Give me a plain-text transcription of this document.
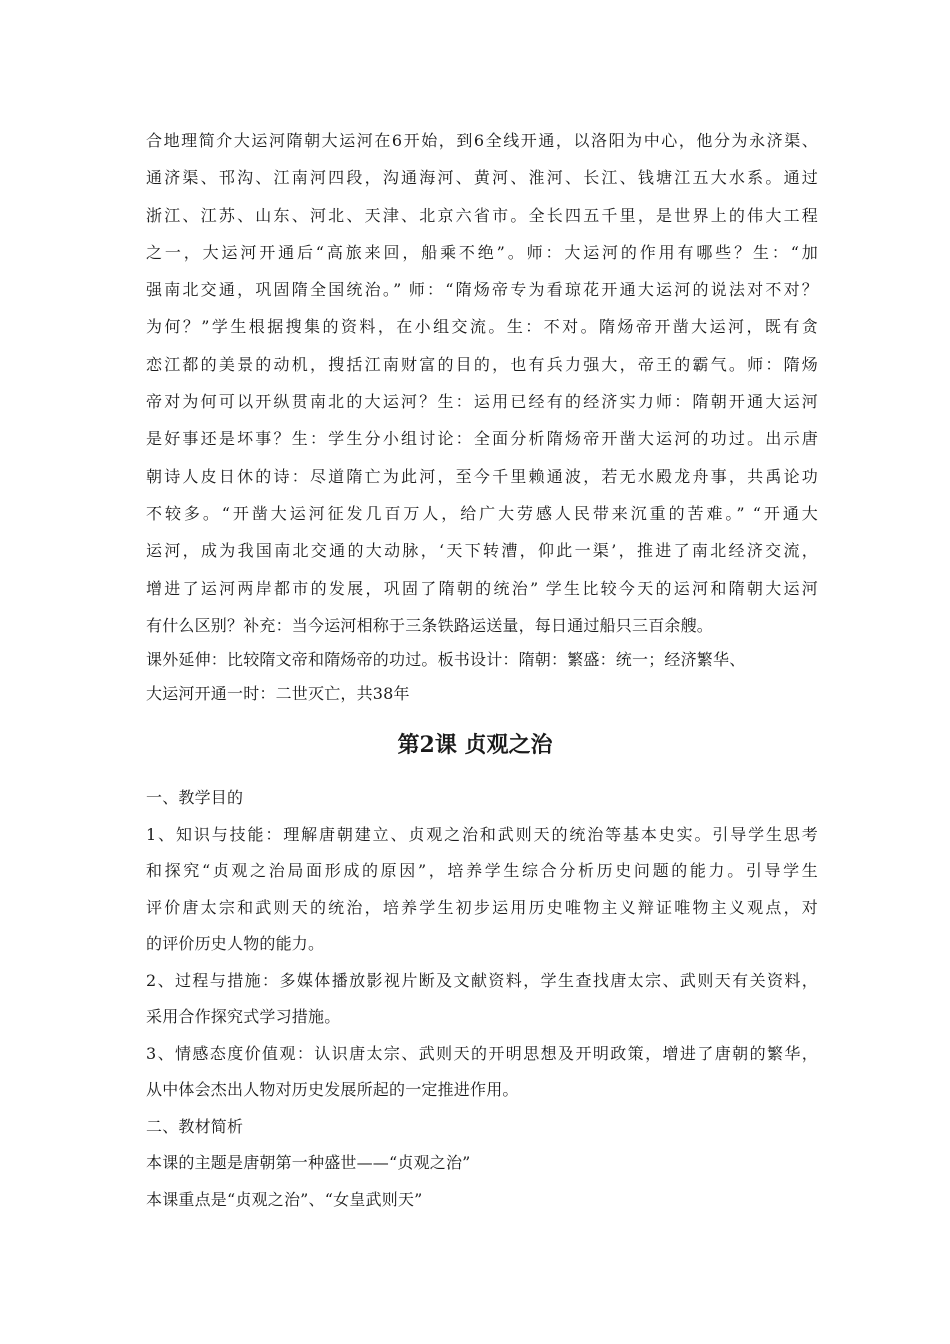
合地理简介大运河隋朝大运河在6开始，到6全线开通，以洛阳为中心，他分为永济渠、
通济渠、邗沟、江南河四段，沟通海河、黄河、淮河、长江、钱塘江五大水系。通过
浙江、江苏、山东、河北、天津、北京六省市。全长四五千里，是世界上的伟大工程
之一，大运河开通后“高旅来回，船乘不绝”。师：大运河的作用有哪些？生：“加
强南北交通，巩固隋全国统治。” 师：“隋炀帝专为看琼花开通大运河的说法对不对？
为何？”学生根据搜集的资料，在小组交流。生：不对。隋炀帝开凿大运河，既有贪
恋江都的美景的动机，搜括江南财富的目的，也有兵力强大，帝王的霸气。师：隋炀
帝对为何可以开纵贯南北的大运河？生：运用已经有的经济实力师：隋朝开通大运河
是好事还是坏事？生：学生分小组讨论：全面分析隋炀帝开凿大运河的功过。出示唐
朝诗人皮日休的诗：尽道隋亡为此河，至今千里赖通波，若无水殿龙舟事，共禹论功
不较多。“开凿大运河征发几百万人，给广大劳感人民带来沉重的苦难。” “开通大
运河，成为我国南北交通的大动脉，‘天下转漕，仰此一渠’，推进了南北经济交流，
增进了运河两岸都市的发展，巩固了隋朝的统治” 学生比较今天的运河和隋朝大运河
有什么区别？补充：当今运河相称于三条铁路运送量，每日通过船只三百余艘。
课外延伸：比较隋文帝和隋炀帝的功过。板书设计：隋朝：繁盛：统一；经济繁华、
大运河开通一时：二世灭亡，共38年
第2课 贞观之治
一、教学目的
1、知识与技能：理解唐朝建立、贞观之治和武则天的统治等基本史实。引导学生思考
和探究“贞观之治局面形成的原因”，培养学生综合分析历史问题的能力。引导学生
评价唐太宗和武则天的统治，培养学生初步运用历史唯物主义辩证唯物主义观点，对
的评价历史人物的能力。
2、过程与措施：多媒体播放影视片断及文献资料，学生查找唐太宗、武则天有关资料，
采用合作探究式学习措施。
3、情感态度价值观：认识唐太宗、武则天的开明思想及开明政策，增进了唐朝的繁华，
从中体会杰出人物对历史发展所起的一定推进作用。
二、教材简析
本课的主题是唐朝第一种盛世——“贞观之治”
本课重点是“贞观之治”、“女皇武则天”
